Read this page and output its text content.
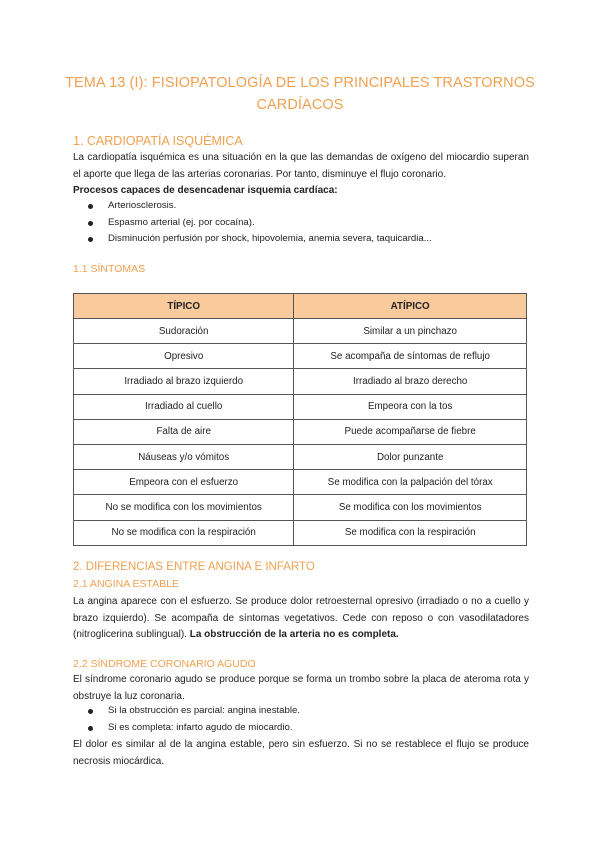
TEMA 13 (I): FISIOPATOLOGÍA DE LOS PRINCIPALES TRASTORNOS
CARDÍACOS
1. CARDIOPATÍA ISQUÉMICA
La cardiopatía isquémica es una situación en la que las demandas de oxígeno del miocardio superan el aporte que llega de las arterias coronarias. Por tanto, disminuye el flujo coronario.
Procesos capaces de desencadenar isquemia cardíaca:
Arteriosclerosis.
Espasmo arterial (ej. por cocaína).
Disminución perfusión por shock, hipovolemia, anemia severa, taquicardia...
1.1 SÍNTOMAS
TÍPICO	ATÍPICO
Sudoración	Similar a un pinchazo
Opresivo	Se acompaña de síntomas de reflujo
Irradiado al brazo izquierdo	Irradiado al brazo derecho
Irradiado al cuello	Empeora con la tos
Falta de aire	Puede acompañarse de fiebre
Náuseas y/o vómitos	Dolor punzante
Empeora con el esfuerzo	Se modifica con la palpación del tórax
No se modifica con los movimientos	Se modifica con los movimientos
No se modifica con la respiración	Se modifica con la respiración
2. DIFERENCIAS ENTRE ANGINA E INFARTO
2.1 ANGINA ESTABLE
La angina aparece con el esfuerzo. Se produce dolor retroesternal opresivo (irradiado o no a cuello y brazo izquierdo). Se acompaña de síntomas vegetativos. Cede con reposo o con vasodilatadores (nitroglicerina sublingual). La obstrucción de la arteria no es completa.
2.2 SÍNDROME CORONARIO AGUDO
El síndrome coronario agudo se produce porque se forma un trombo sobre la placa de ateroma rota y obstruye la luz coronaria.
Si la obstrucción es parcial: angina inestable.
Si es completa: infarto agudo de miocardio.
El dolor es similar al de la angina estable, pero sin esfuerzo. Si no se restablece el flujo se produce necrosis miocárdica.
